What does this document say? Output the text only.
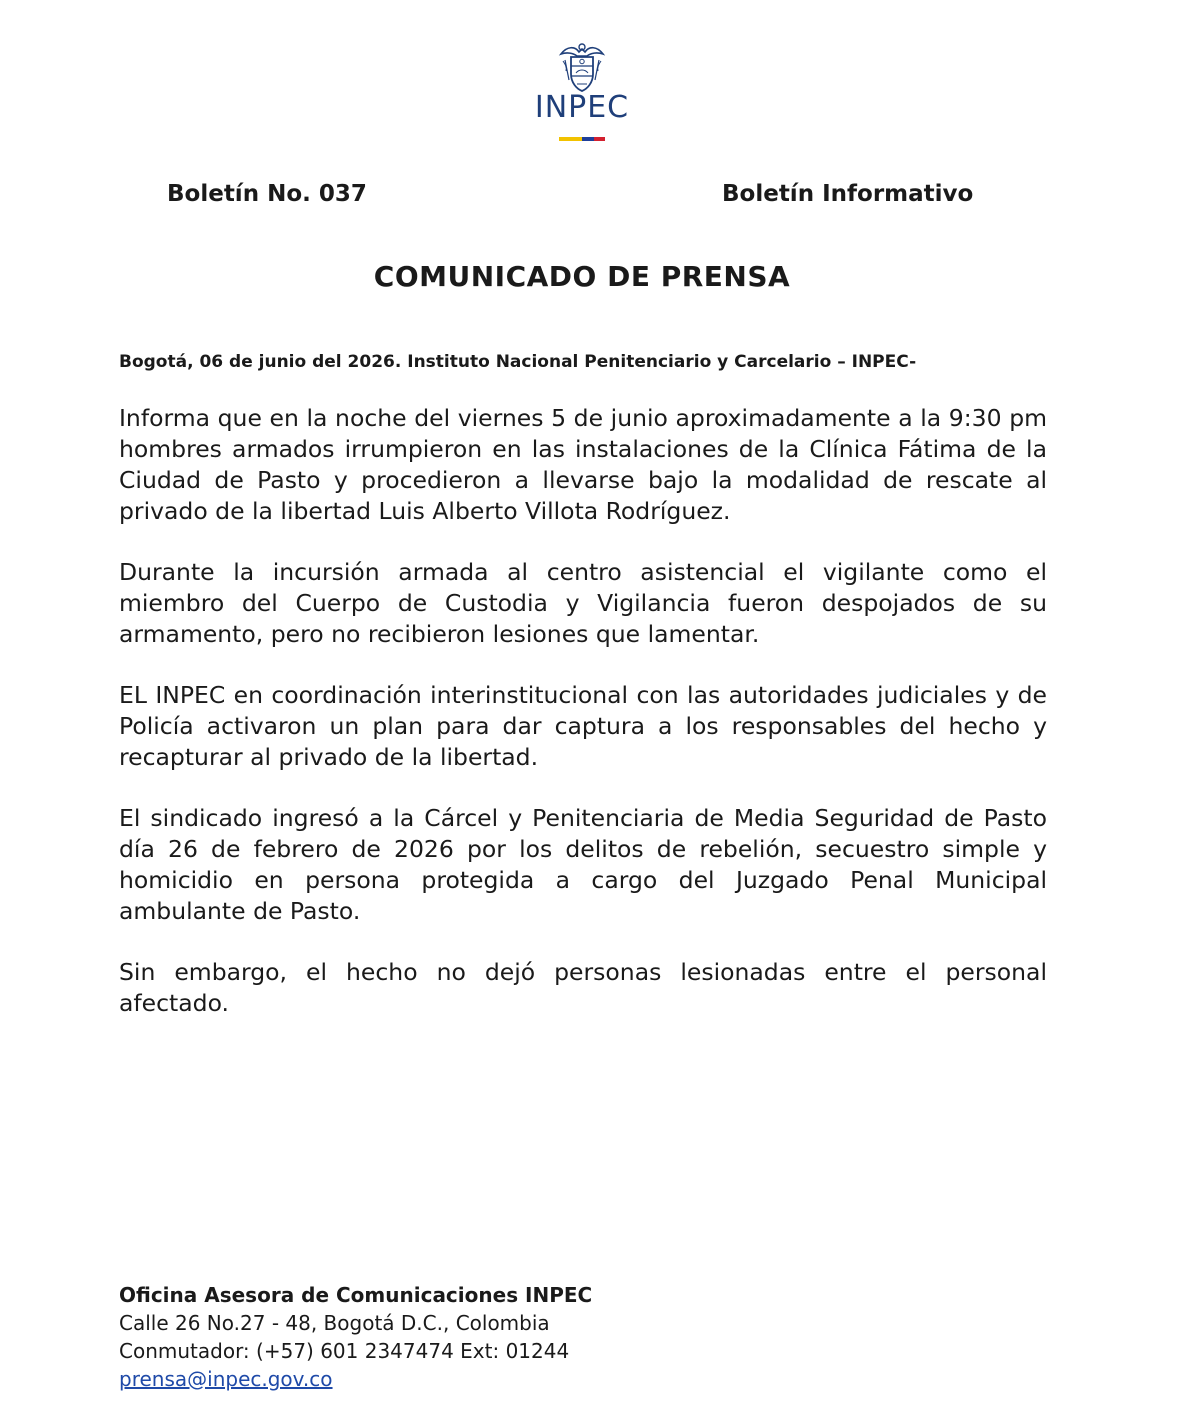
INPEC
Boletín No. 037	Boletín Informativo
COMUNICADO DE PRENSA
Bogotá, 06 de junio del 2026. Instituto Nacional Penitenciario y Carcelario – INPEC-

Informa que en la noche del viernes 5 de junio aproximadamente a la 9:30 pm hombres armados irrumpieron en las instalaciones de la Clínica Fátima de la Ciudad de Pasto y procedieron a llevarse bajo la modalidad de rescate al privado de la libertad Luis Alberto Villota Rodríguez.

Durante la incursión armada al centro asistencial el vigilante como el miembro del Cuerpo de Custodia y Vigilancia fueron despojados de su armamento, pero no recibieron lesiones que lamentar.

EL INPEC en coordinación interinstitucional con las autoridades judiciales y de Policía activaron un plan para dar captura a los responsables del hecho y recapturar al privado de la libertad.

El sindicado ingresó a la Cárcel y Penitenciaria de Media Seguridad de Pasto día 26 de febrero de 2026 por los delitos de rebelión, secuestro simple y homicidio en persona protegida a cargo del Juzgado Penal Municipal ambulante de Pasto.

Sin embargo, el hecho no dejó personas lesionadas entre el personal afectado.

Oficina Asesora de Comunicaciones INPEC
Calle 26 No.27 - 48, Bogotá D.C., Colombia
Conmutador: (+57) 601 2347474 Ext: 01244
prensa@inpec.gov.co
